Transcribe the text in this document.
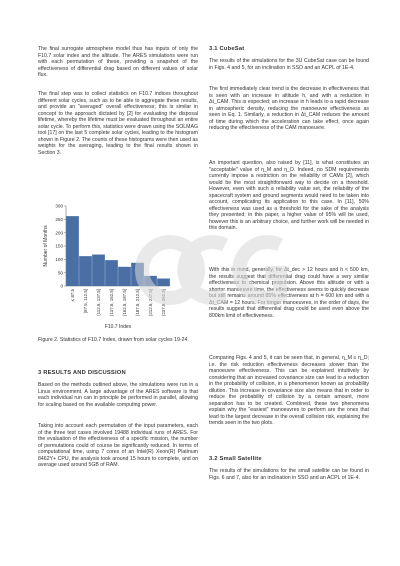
The final surrogate atmosphere model thus has inputs of only the F10.7 solar index and the altitude. The ARES simulations were run with each permutation of these, providing a snapshot of the effectiveness of differential drag based on different values of solar flux.

The final step was to collect statistics on F10.7 indices throughout different solar cycles, such as to be able to aggregate these results, and provide an "averaged" overall effectiveness; this is similar in concept to the approach dictated by [2] for evaluating the disposal lifetime, whereby the lifetime must be evaluated throughout an entire solar cycle. To perform this, statistics were drawn using the SOLMAG tool [17] on the last 5 complete solar cycles, leading to the histogram shown in Figure 2. The counts of these histograms were then used as weights for the averaging, leading to the final results shown in Section 3.

0
50
100
150
200
250
300
≤ 87.5 (87.5, 112.5] (112.5, 137.5] (137.5, 162.5] (162.5, 187.5] (187.5, 212.5] (212.5, 237.5] (237.5, 262.5]
Number of Months
F10.7 Index

Figure 2. Statistics of F10.7 Index, drawn from solar cycles 19-24.

3 RESULTS AND DISCUSSION

Based on the methods outlined above, the simulations were run in a Linux environment. A large advantage of the ARES software is that each individual run can in principle be performed in parallel, allowing for scaling based on the available computing power.

Taking into account each permutation of the input parameters, each of the three test cases involved 19488 individual runs of ARES. For the evaluation of the effectiveness of a specific mission, the number of permutations could of course be significantly reduced. In terms of computational time, using 7 cores of an Intel(R) Xeon(R) Platinum 8462Y+ CPU, the analysis took around 15 hours to complete, and on average used around 5GB of RAM.

3.1 CubeSat

The results of the simulations for the 3U CubeSat case can be found in Figs. 4 and 5, for an inclination in SSO and an ACPL of 1E-4.

The first immediately clear trend is the decrease in effectiveness that is seen with an increase in altitude h, and with a reduction in Δt_CAM. This is expected; an increase in h leads to a rapid decrease in atmospheric density, reducing the manoeuvre effectiveness as seen in Eq. 1. Similarly, a reduction in Δt_CAM reduces the amount of time during which the acceleration can take effect, once again reducing the effectiveness of the CAM manoeuvre.

An important question, also raised by [11], is what constitutes an "acceptable" value of η_M and η_D. Indeed, no SDM requirements currently impose a restriction on the reliability of CAMs [2], which would be the most straightforward way to decide on a threshold. However, even with such a reliability value set, the reliability of the spacecraft system and ground segments would need to be taken into account, complicating its application to this case. In [11], 50% effectiveness was used as a threshold for the sake of the analysis they presented; in this paper, a higher value of 95% will be used, however this is an arbitrary choice, and further work will be needed in this domain.

With this in mind, generally, for Δt_dec > 12 hours and h < 500 km, the results suggest that differential drag could have a very similar effectiveness to chemical propulsion. Above this altitude or with a shorter manoeuvre time, the effectiveness seems to quickly decrease but still remains around 85% effectiveness at h = 600 km and with a Δt_CAM = 12 hours. For longer manoeuvres, in the order of days, the results suggest that differential drag could be used even above the 800km limit of effectiveness.

Comparing Figs. 4 and 5, it can be seen that, in general, η_M ≤ η_D; i.e. the risk reduction effectiveness decreases slower than the manoeuvre effectiveness. This can be explained intuitively by considering that an increased covariance size can lead to a reduction in the probability of collision, in a phenomenon known as probability dilution. This increase in covariance size also means that in order to reduce the probability of collision by a certain amount, more separation has to be created. Combined, these two phenomena explain why the "easiest" manoeuvres to perform are the ones that lead to the largest decrease in the overall collision risk, explaining the trends seen in the two plots.

3.2 Small Satellite

The results of the simulations for the small satellite can be found in Figs. 6 and 7, also for an inclination in SSO and an ACPL of 1E-4.
